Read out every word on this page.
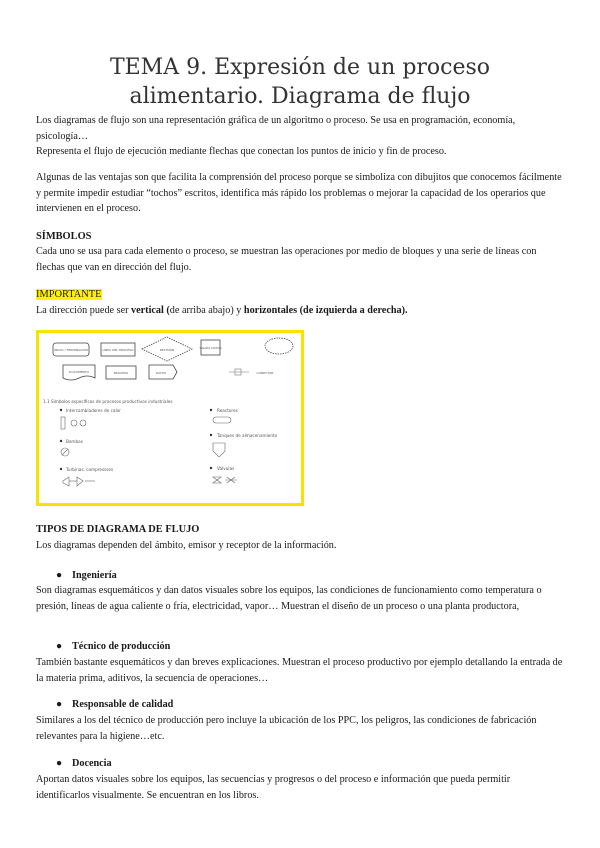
TEMA 9. Expresión de un proceso alimentario. Diagrama de flujo

Los diagramas de flujo son una representación gráfica de un algoritmo o proceso. Se usa en programación, economía, psicología…

Representa el flujo de ejecución mediante flechas que conectan los puntos de inicio y fin de proceso.

Algunas de las ventajas son que facilita la comprensión del proceso porque se simboliza con dibujitos que conocemos fácilmente y permite impedir estudiar “tochos” escritos, identifica más rápido los problemas o mejorar la capacidad de los operarios que intervienen en el proceso.

SÍMBOLOS

Cada uno se usa para cada elemento o proceso, se muestran las operaciones por medio de bloques y una serie de líneas con flechas que van en dirección del flujo.

IMPORTANTE
La dirección puede ser vertical (de arriba abajo) y horizontales (de izquierda a derecha).
INICIO / TERMINACIÓN	LÍNEA DEL PROCESO	DECISIÓN	SALIDA DATOS
DOCUMENTO	PROCESO	DATOS	CONECTOR
1.1 Símbolos específicos de procesos productivos industriales
Intercambiadores de calor
Bombas
Turbinas, compresores
Reactores
Tanques de almacenamiento
Válvulas
TIPOS DE DIAGRAMA DE FLUJO

Los diagramas dependen del ámbito, emisor y receptor de la información.

● Ingeniería

Son diagramas esquemáticos y dan datos visuales sobre los equipos, las condiciones de funcionamiento como temperatura o presión, líneas de agua caliente o fría, electricidad, vapor… Muestran el diseño de un proceso o una planta productora,

● Técnico de producción

También bastante esquemáticos y dan breves explicaciones. Muestran el proceso productivo por ejemplo detallando la entrada de la materia prima, aditivos, la secuencia de operaciones…

● Responsable de calidad

Similares a los del técnico de producción pero incluye la ubicación de los PPC, los peligros, las condiciones de fabricación relevantes para la higiene…etc.

● Docencia

Aportan datos visuales sobre los equipos, las secuencias y progresos o del proceso e información que pueda permitir identificarlos visualmente. Se encuentran en los libros.
